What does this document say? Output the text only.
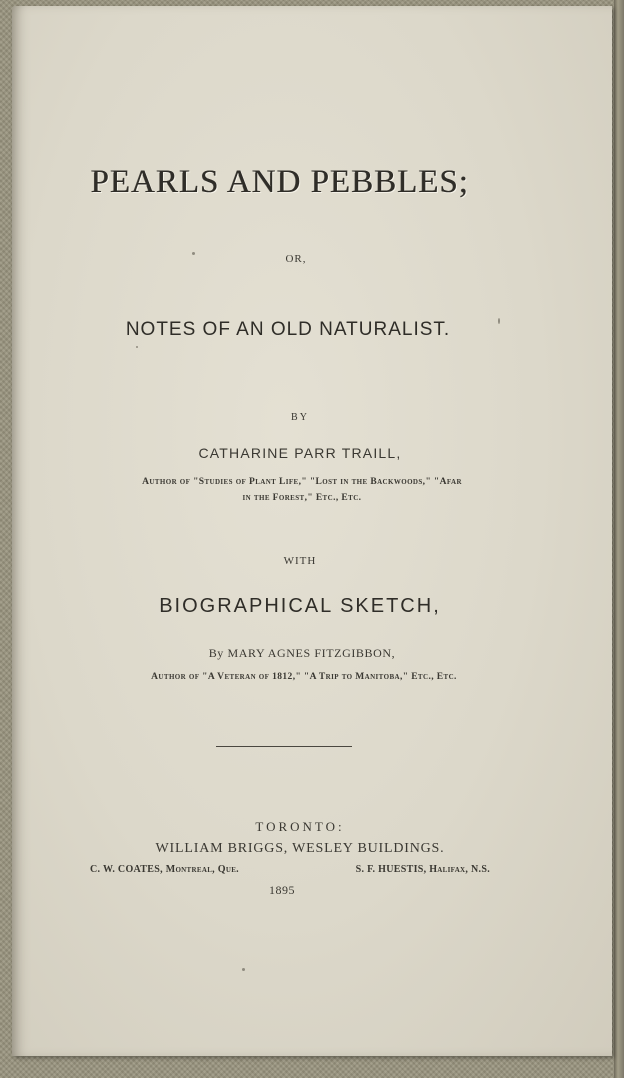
PEARLS AND PEBBLES;
OR,
NOTES OF AN OLD NATURALIST.
BY
CATHARINE PARR TRAILL,
Author of "Studies of Plant Life," "Lost in the Backwoods," "Afar
in the Forest," Etc., Etc.
WITH
BIOGRAPHICAL SKETCH,
By MARY AGNES FITZGIBBON,
Author of "A Veteran of 1812," "A Trip to Manitoba," Etc., Etc.
TORONTO:
WILLIAM BRIGGS, WESLEY BUILDINGS.
C. W. COATES, Montreal, Que.	S. F. HUESTIS, Halifax, N.S.
1895
